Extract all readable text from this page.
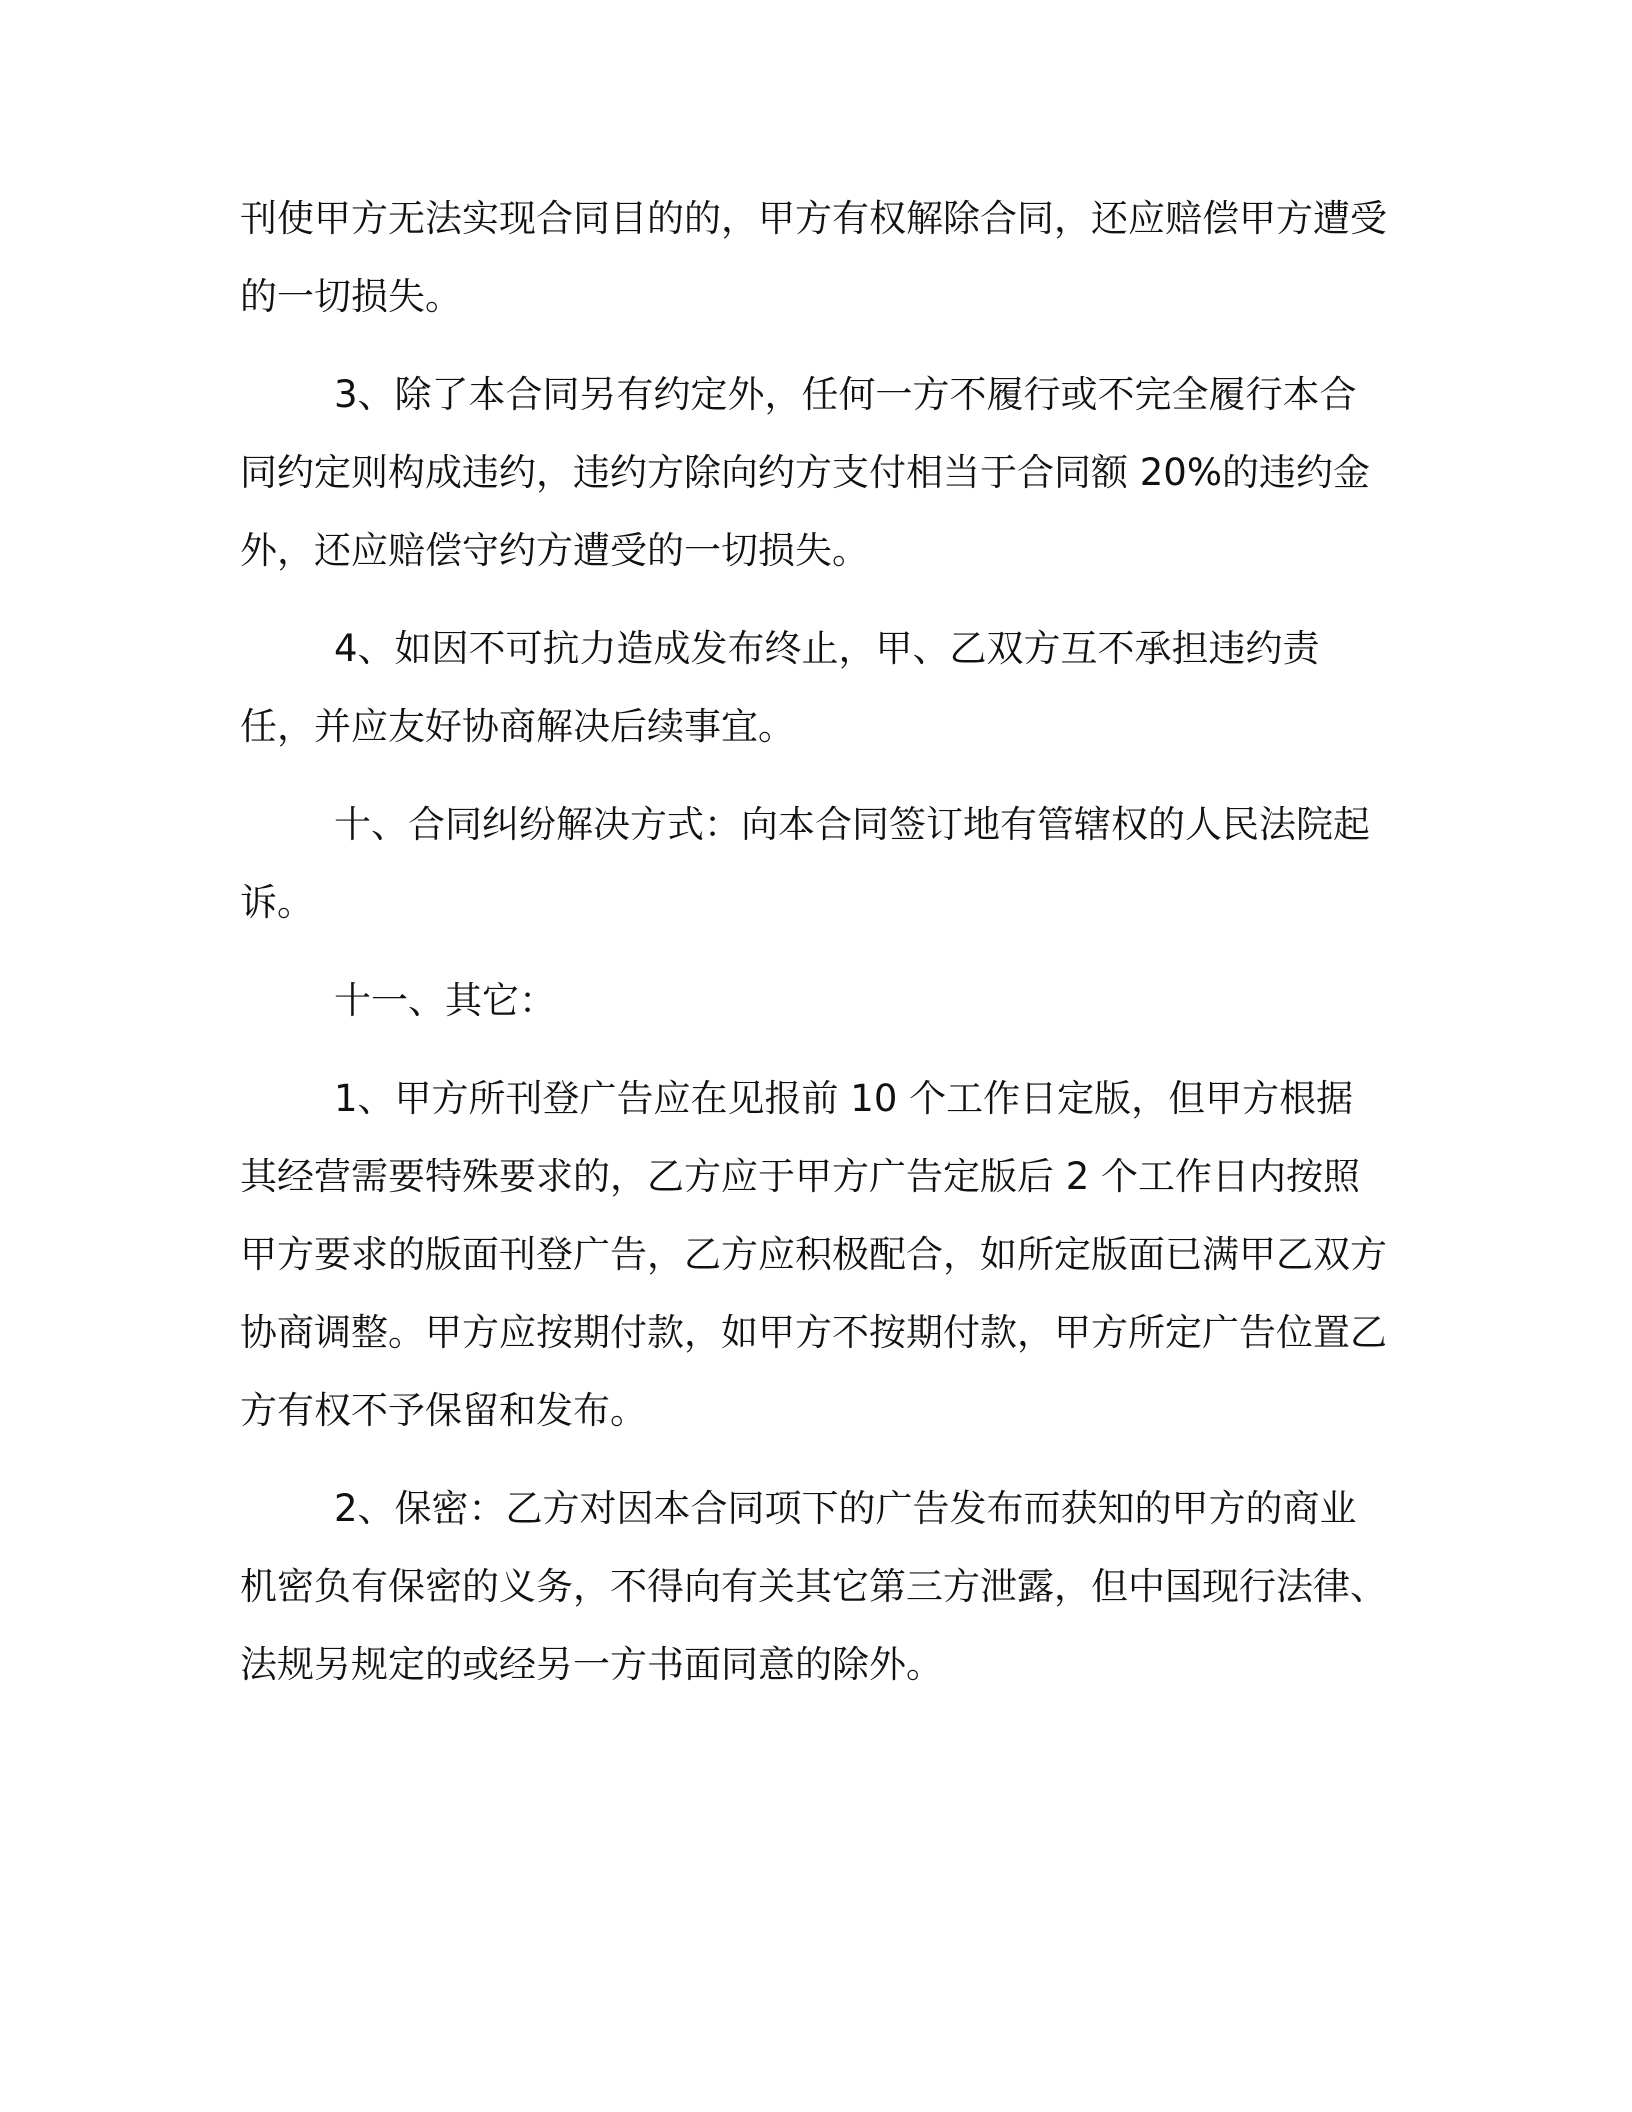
刊使甲方无法实现合同目的的，甲方有权解除合同，还应赔偿甲方遭受的一切损失。

3、除了本合同另有约定外，任何一方不履行或不完全履行本合同约定则构成违约，违约方除向约方支付相当于合同额 20%的违约金外，还应赔偿守约方遭受的一切损失。

4、如因不可抗力造成发布终止，甲、乙双方互不承担违约责任，并应友好协商解决后续事宜。

十、合同纠纷解决方式：向本合同签订地有管辖权的人民法院起诉。

十一、其它：

1、甲方所刊登广告应在见报前 10 个工作日定版，但甲方根据其经营需要特殊要求的，乙方应于甲方广告定版后 2 个工作日内按照甲方要求的版面刊登广告，乙方应积极配合，如所定版面已满甲乙双方协商调整。甲方应按期付款，如甲方不按期付款，甲方所定广告位置乙方有权不予保留和发布。

2、保密：乙方对因本合同项下的广告发布而获知的甲方的商业机密负有保密的义务，不得向有关其它第三方泄露，但中国现行法律、法规另规定的或经另一方书面同意的除外。
